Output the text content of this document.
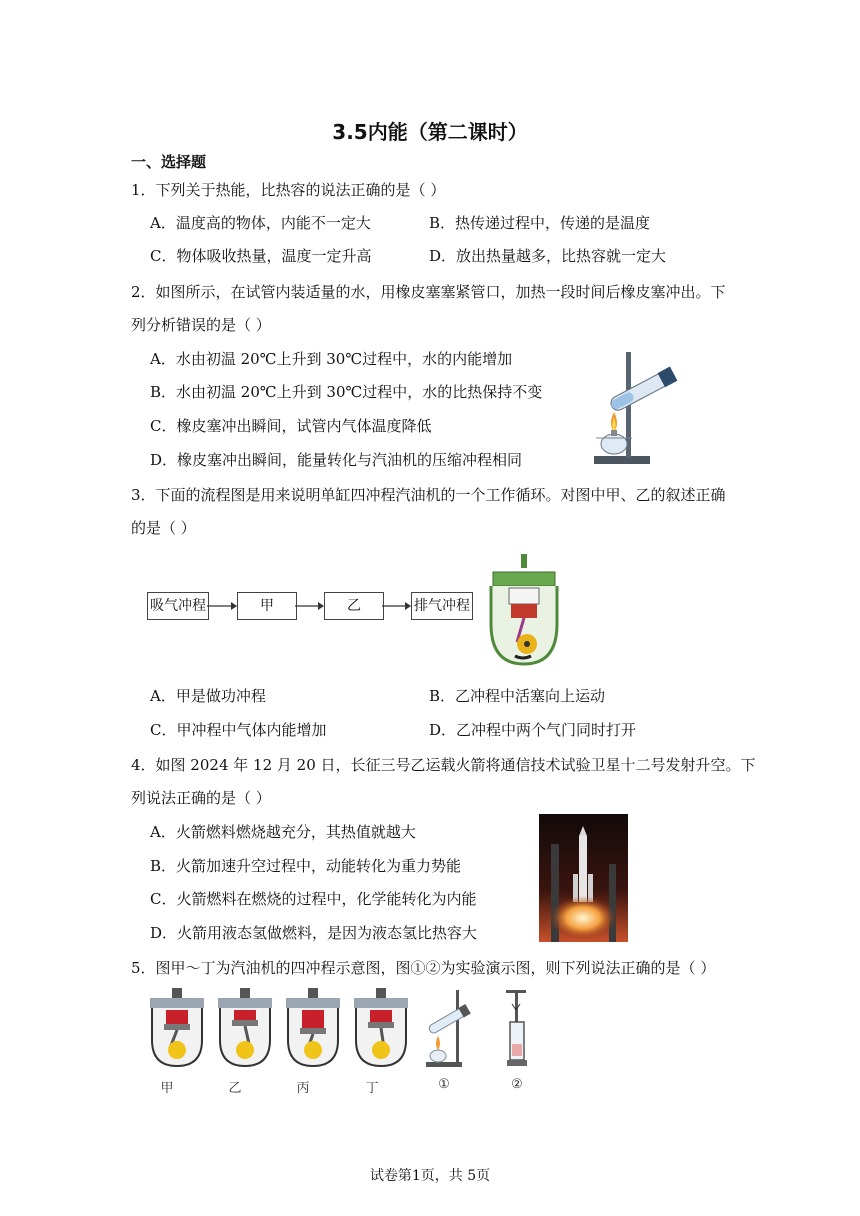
3.5内能（第二课时）
一、选择题
1．下列关于热能，比热容的说法正确的是（ ）
A．温度高的物体，内能不一定大	B．热传递过程中，传递的是温度
C．物体吸收热量，温度一定升高	D．放出热量越多，比热容就一定大
2．如图所示，在试管内装适量的水，用橡皮塞塞紧管口，加热一段时间后橡皮塞冲出。下
列分析错误的是（ ）
A．水由初温 20℃上升到 30℃过程中，水的内能增加
B．水由初温 20℃上升到 30℃过程中，水的比热保持不变
C．橡皮塞冲出瞬间，试管内气体温度降低
D．橡皮塞冲出瞬间，能量转化与汽油机的压缩冲程相同
3．下面的流程图是用来说明单缸四冲程汽油机的一个工作循环。对图中甲、乙的叙述正确
的是（ ）
吸气冲程	甲	乙	排气冲程
A．甲是做功冲程	B．乙冲程中活塞向上运动
C．甲冲程中气体内能增加	D．乙冲程中两个气门同时打开
4．如图 2024 年 12 月 20 日，长征三号乙运载火箭将通信技术试验卫星十二号发射升空。下
列说法正确的是（ ）
A．火箭燃料燃烧越充分，其热值就越大
B．火箭加速升空过程中，动能转化为重力势能
C．火箭燃料在燃烧的过程中，化学能转化为内能
D．火箭用液态氢做燃料，是因为液态氢比热容大
5．图甲～丁为汽油机的四冲程示意图，图①②为实验演示图，则下列说法正确的是（ ）
甲	乙	丙	丁	①	②
试卷第1页，共 5页
